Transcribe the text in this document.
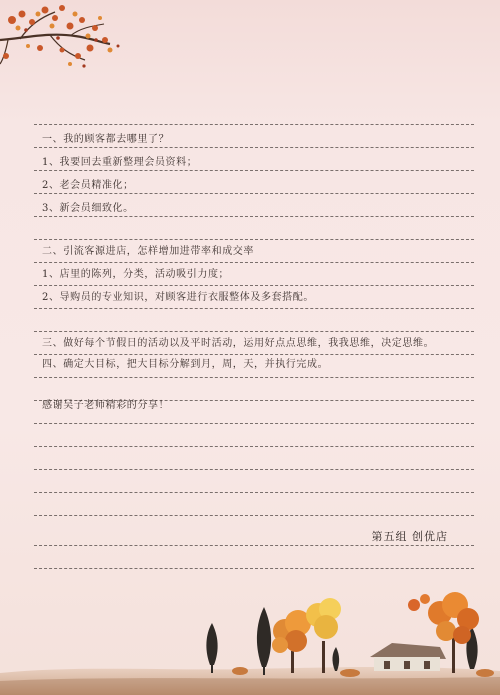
一、我的顾客都去哪里了？
1、我要回去重新整理会员资料；
2、老会员精准化；
3、新会员细致化。
二、引流客源进店，怎样增加进带率和成交率
1、店里的陈列，分类，活动吸引力度；
2、导购员的专业知识，对顾客进行衣服整体及多套搭配。
三、做好每个节假日的活动以及平时活动，运用好点点思维，我我思维，决定思维。
四、确定大目标，把大目标分解到月，周，天，并执行完成。
感谢吴子老师精彩的分享！
第五组 创优店
